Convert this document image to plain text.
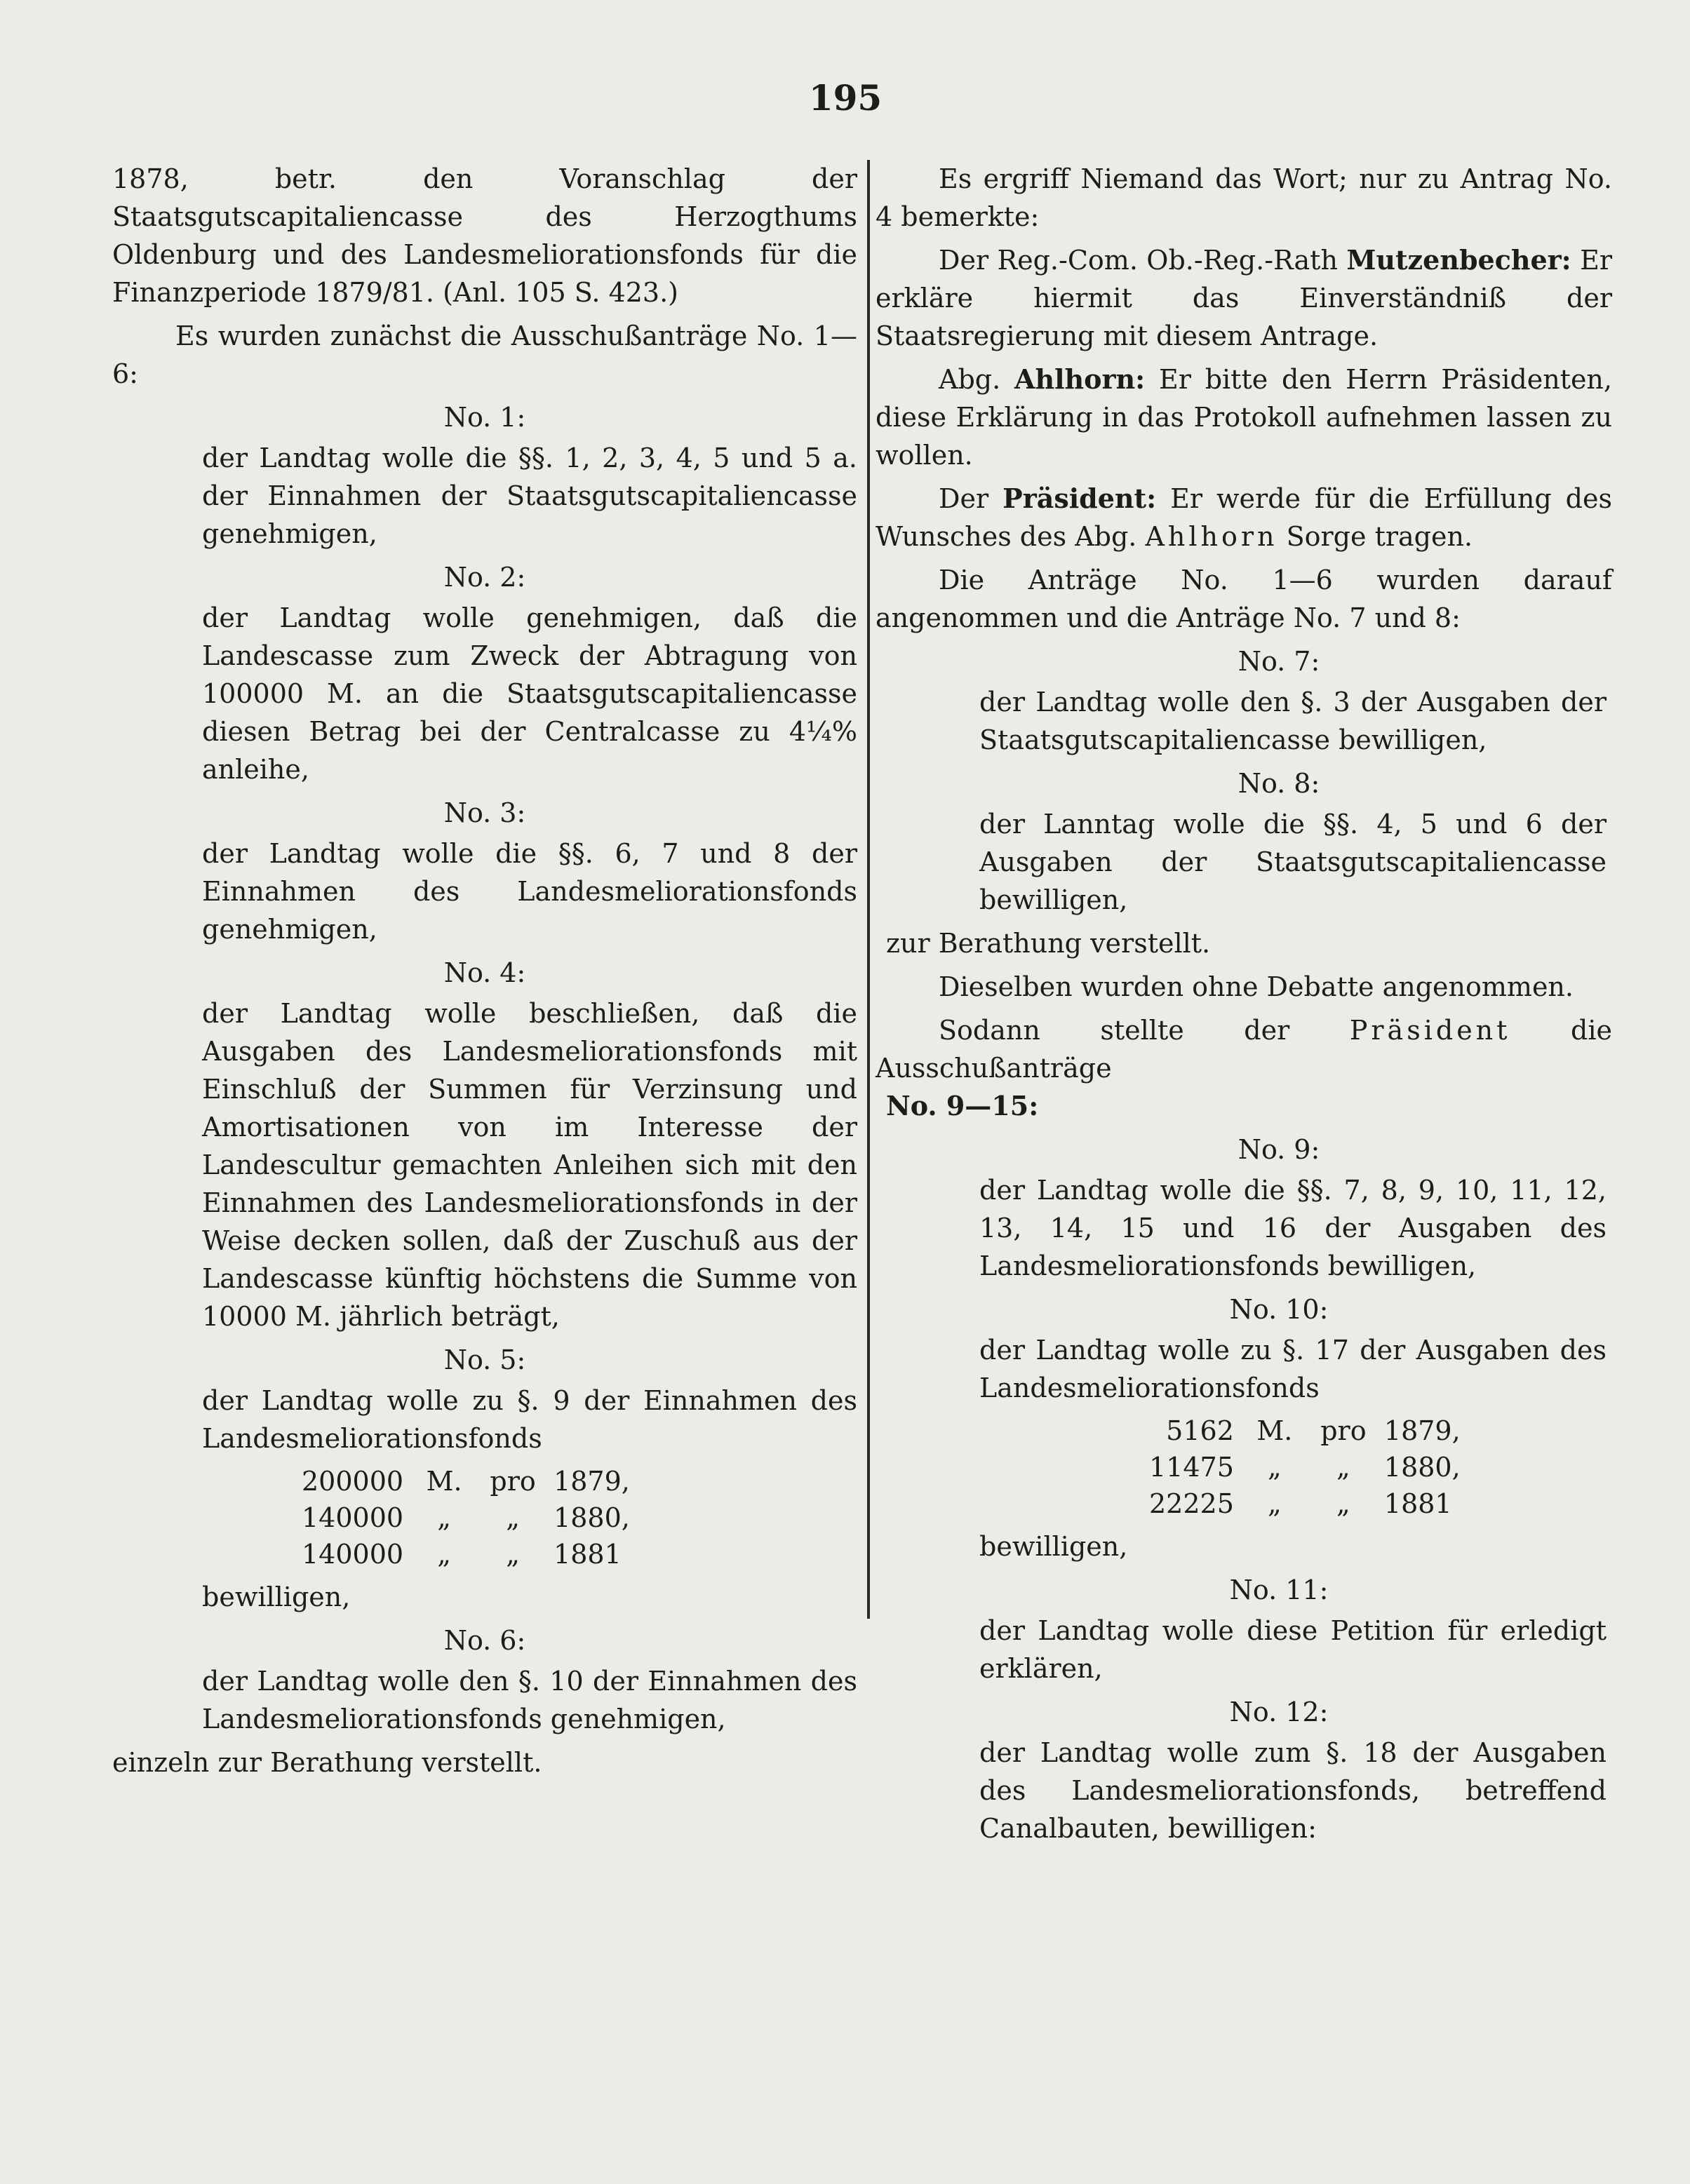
195

1878, betr. den Voranschlag der Staatsgutscapitaliencasse des Herzogthums Oldenburg und des Landesmeliorationsfonds für die Finanzperiode 1879/81. (Anl. 105 S. 423.)

Es wurden zunächst die Ausschußanträge No. 1—6:

No. 1:

der Landtag wolle die §§. 1, 2, 3, 4, 5 und 5 a. der Einnahmen der Staatsgutscapitaliencasse genehmigen,

No. 2:

der Landtag wolle genehmigen, daß die Landescasse zum Zweck der Abtragung von 100000 M. an die Staatsgutscapitaliencasse diesen Betrag bei der Centralcasse zu 4¼% anleihe,

No. 3:

der Landtag wolle die §§. 6, 7 und 8 der Einnahmen des Landesmeliorationsfonds genehmigen,

No. 4:

der Landtag wolle beschließen, daß die Ausgaben des Landesmeliorationsfonds mit Einschluß der Summen für Verzinsung und Amortisationen von im Interesse der Landescultur gemachten Anleihen sich mit den Einnahmen des Landesmeliorationsfonds in der Weise decken sollen, daß der Zuschuß aus der Landescasse künftig höchstens die Summe von 10000 M. jährlich beträgt,

No. 5:

der Landtag wolle zu §. 9 der Einnahmen des Landesmeliorationsfonds

200000	M.	pro	1879,
140000	„	„	1880,
140000	„	„	1881

bewilligen,

No. 6:

der Landtag wolle den §. 10 der Einnahmen des Landesmeliorationsfonds genehmigen,

einzeln zur Berathung verstellt.

Es ergriff Niemand das Wort; nur zu Antrag No. 4 bemerkte:

Der Reg.-Com. Ob.-Reg.-Rath Mutzenbecher: Er erkläre hiermit das Einverständniß der Staatsregierung mit diesem Antrage.

Abg. Ahlhorn: Er bitte den Herrn Präsidenten, diese Erklärung in das Protokoll aufnehmen lassen zu wollen.

Der Präsident: Er werde für die Erfüllung des Wunsches des Abg. Ahlhorn Sorge tragen.

Die Anträge No. 1—6 wurden darauf angenommen und die Anträge No. 7 und 8:

No. 7:

der Landtag wolle den §. 3 der Ausgaben der Staatsgutscapitaliencasse bewilligen,

No. 8:

der Lanntag wolle die §§. 4, 5 und 6 der Ausgaben der Staatsgutscapitaliencasse bewilligen,

zur Berathung verstellt.

Dieselben wurden ohne Debatte angenommen.

Sodann stellte der Präsident die Ausschußanträge

No. 9—15:

No. 9:

der Landtag wolle die §§. 7, 8, 9, 10, 11, 12, 13, 14, 15 und 16 der Ausgaben des Landesmeliorationsfonds bewilligen,

No. 10:

der Landtag wolle zu §. 17 der Ausgaben des Landesmeliorationsfonds

5162	M.	pro	1879,
11475	„	„	1880,
22225	„	„	1881

bewilligen,

No. 11:

der Landtag wolle diese Petition für erledigt erklären,

No. 12:

der Landtag wolle zum §. 18 der Ausgaben des Landesmeliorationsfonds, betreffend Canalbauten, bewilligen:
